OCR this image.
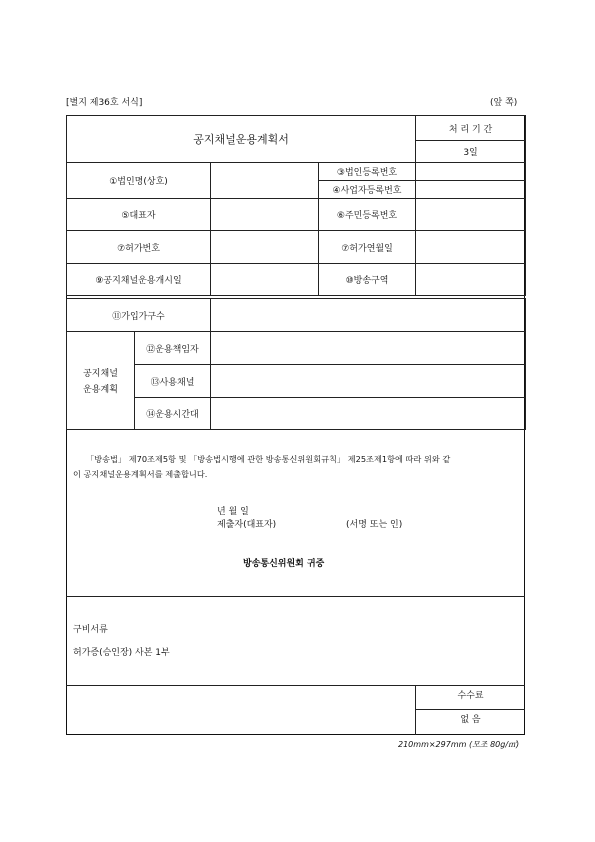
[별지 제36호 서식]	(앞 쪽)
공지채널운용계획서			처 리 기 간
			3일
①법인명(상호)		③법인등록번호	
		④사업자등록번호	
⑤대표자		⑥주민등록번호	
⑦허가번호		⑦허가연월일	
⑨공지채널운용개시일		⑩방송구역	
⑪가입가구수		

공지채널
운용계획	⑫운용책임자	
	⑬사용채널	
	⑭운용시간대	
「방송법」 제70조제5항 및 「방송법시행에 관한 방송통신위원회규칙」 제25조제1항에 따라 위와 같
이 공지채널운용계획서를 제출합니다.
년 월 일
제출자(대표자)	(서명 또는 인)
방송통신위원회 귀중
구비서류
허가증(승인장) 사본 1부
수수료
없 음
210mm×297mm (모조 80g/㎡)
